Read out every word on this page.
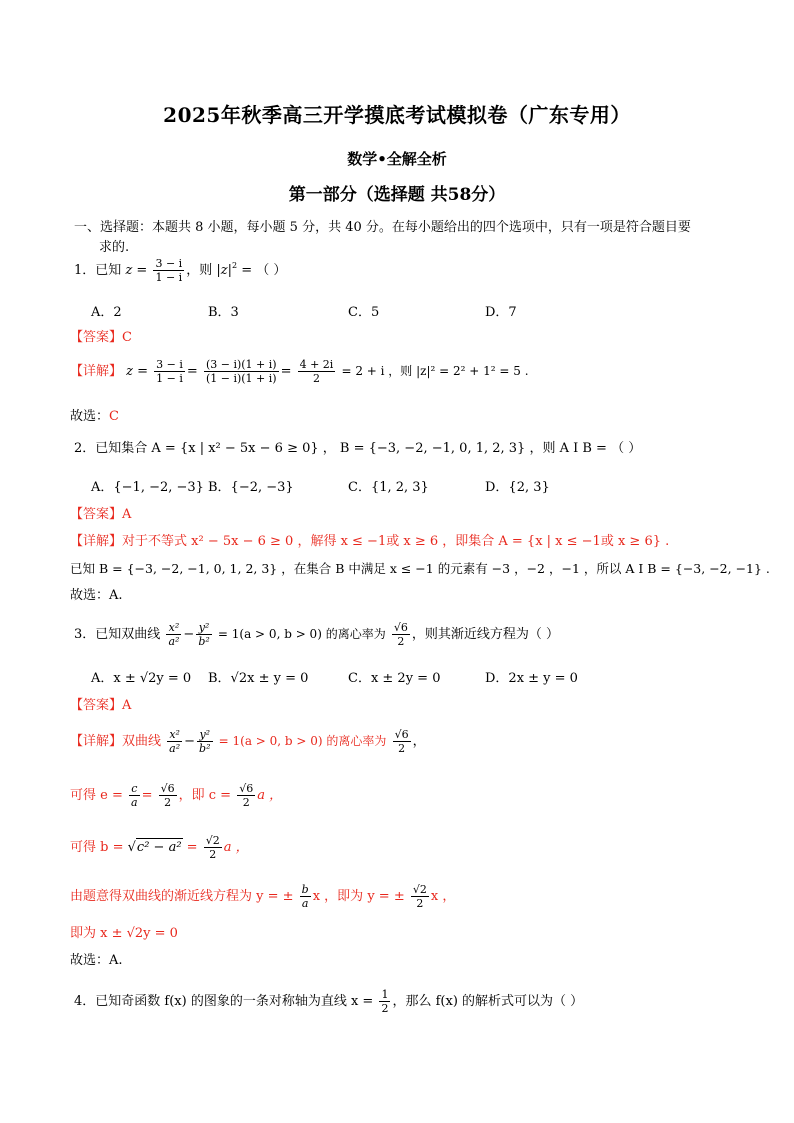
2025年秋季高三开学摸底考试模拟卷（广东专用）
数学•全解全析
第一部分（选择题 共58分）
一、选择题：本题共 8 小题，每小题 5 分，共 40 分。在每小题给出的四个选项中，只有一项是符合题目要
求的.
1．已知 $z = \frac{3 - i}{1 - i}$ ，则 $|z|^2$ = （ ）
A．2	B．3	C．5	D．7
【答案】C
【详解】 $z = \frac{3 - i}{1 - i} = \frac{(3 - i)(1 + i)}{(1 - i)(1 + i)} = \frac{4 + 2i}{2} = 2 + i$ ，则 |z|² = 2² + 1² = 5 .
故选：C
2．已知集合 A = {x | x² − 5x − 6 ≥ 0} ， B = {−3, −2, −1, 0, 1, 2, 3} ，则 A I B = （ ）
A．{−1, −2, −3} B．{−2, −3}	C．{1, 2, 3}	D．{2, 3}
【答案】A
【详解】对于不等式 x² − 5x − 6 ≥ 0 ，解得 x ≤ −1或 x ≥ 6 ，即集合 A = {x | x ≤ −1或 x ≥ 6} .
已知 B = {−3, −2, −1, 0, 1, 2, 3} ，在集合 B 中满足 x ≤ −1 的元素有 −3 ，−2 ，−1 ，所以 A I B = {−3, −2, −1} .
故选：A.
3．已知双曲线 $\frac{\text{x²}}{\text{a²}} - \frac{\text{y²}}{\text{b²}} = 1(a > 0$, b > 0) 的离心率为 $\frac{√6}{2}$ ，则其渐近线方程为（ ）
A．x ± √2y = 0 B．√2x ± y = 0	C．x ± 2y = 0	D．2x ± y = 0
【答案】A
【详解】双曲线 $\frac{\text{x²}}{\text{a²}} - \frac{\text{y²}}{\text{b²}} = 1(a > 0$, b > 0) 的离心率为 $\frac{√6}{2}$ ，
可得 $e = \frac{c}{a} = \frac{√6}{2}$ ，即 $c = \frac{√6}{2}$ a ，
可得 $b = √c^2 - a^2 = \frac{√2}{2}$ a ，
由题意得双曲线的渐近线方程为 y = ± $\frac{b}{a}$ x ，即为 y = ± $\frac{√2}{2}$ x ，
即为 x ± √2y = 0
故选：A.
4．已知奇函数 f(x) 的图象的一条对称轴为直线 $x = \frac{1}{2}$ ，那么 f(x) 的解析式可以为（ ）
